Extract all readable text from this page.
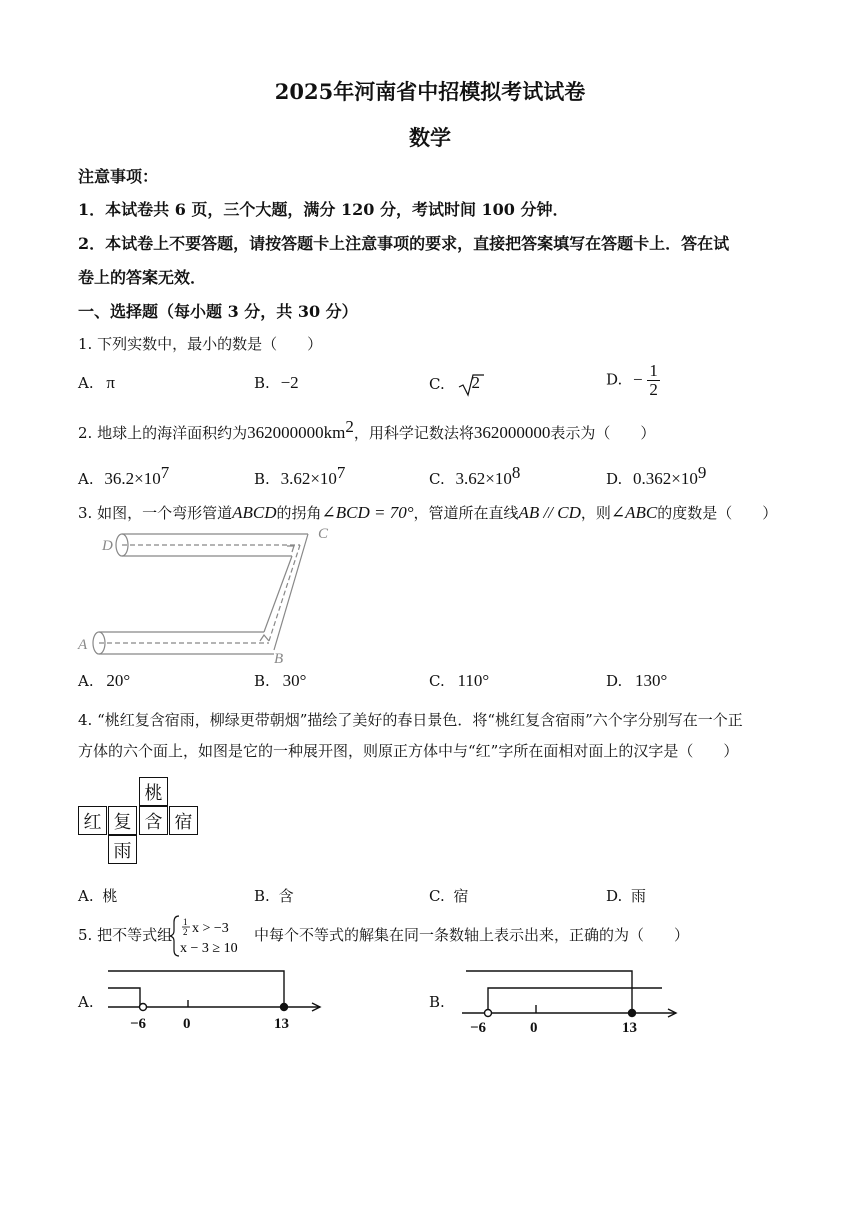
2025年河南省中招模拟考试试卷
数学
注意事项：
1．本试卷共 6 页，三个大题，满分 120 分，考试时间 100 分钟．
2．本试卷上不要答题，请按答题卡上注意事项的要求，直接把答案填写在答题卡上．答在试
卷上的答案无效．
一、选择题（每小题 3 分，共 30 分）
1. 下列实数中，最小的数是（　　）
A. π	B. −2	C. 2	D. − $\frac{1}{2}$
2. 地球上的海洋面积约为$362000000km^2$，用科学记数法将362000000表示为（　　）
A. $36.2\times 10^7$	B. $3.62\times 10^7$	C. $3.62\times 10^8$	D. $0.362\times 10^9$
3. 如图，一个弯形管道ABCD的拐角∠BCD = 70°，管道所在直线AB // CD，则∠ABC的度数是（　　）
D
C
A
B
A. 20°	B. 30°	C. 110°	D. 130°
4. “桃红复含宿雨，柳绿更带朝烟”描绘了美好的春日景色．将“桃红复含宿雨”六个字分别写在一个正
方体的六个面上，如图是它的一种展开图，则原正方体中与“红”字所在面相对面上的汉字是（　　）
桃
红 复 含 宿
雨
A. 桃	B. 含	C. 宿	D. 雨
5. 把不等式组
1
2 x > −3
x − 3 ≥ 10
中每个不等式的解集在同一条数轴上表示出来，正确的为（　　）
A.
−6 0	13
B.
−6	0	13
